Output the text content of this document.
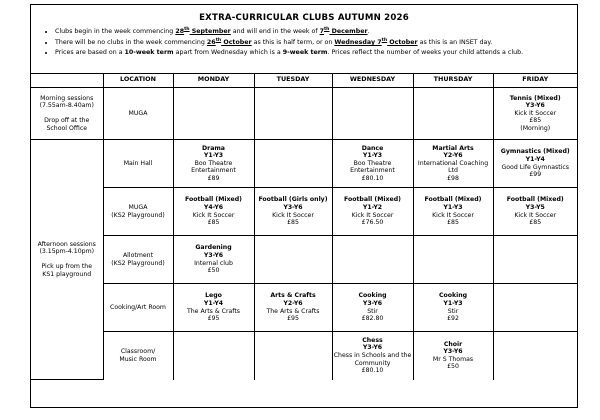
EXTRA-CURRICULAR CLUBS AUTUMN 2026
• Clubs begin in the week commencing 28th September and will end in the week of 7th December.
• There will be no clubs in the week commencing 26th October as this is half term, or on Wednesday 7th October as this is an INSET day.
• Prices are based on a 10-week term apart from Wednesday which is a 9-week term. Prices reflect the number of weeks your child attends a club.
	LOCATION	MONDAY	TUESDAY	WEDNESDAY	THURSDAY	FRIDAY

Morning sessions
(7.55am-8.40am)

Drop off at the
School Office	MUGA					Tennis (Mixed)
Y3-Y6
Kick It Soccer
£85
(Morning)

Afternoon sessions
(3.15pm-4.10pm)

Pick up from the
KS1 playground	Main Hall	Drama
Y1-Y3
Boo Theatre Entertainment
£89		Dance
Y1-Y3
Boo Theatre Entertainment
£80.10	Martial Arts
Y2-Y6
International Coaching Ltd
£98	Gymnastics (Mixed)
Y1-Y4
Good Life Gymnastics
£99

	MUGA
(KS2 Playground)	Football (Mixed)
Y4-Y6
Kick It Soccer
£85	Football (Girls only)
Y3-Y6
Kick It Soccer
£85	Football (Mixed)
Y1-Y2
Kick It Soccer
£76.50	Football (Mixed)
Y1-Y3
Kick It Soccer
£85	Football (Mixed)
Y3-Y5
Kick It Soccer
£85

	Allotment
(KS2 Playground)	Gardening
Y3-Y6
Internal club
£50				

	Cooking/Art Room	Lego
Y1-Y4
The Arts & Crafts
£95	Arts & Crafts
Y2-Y6
The Arts & Crafts
£95	Cooking
Y3-Y6
Stir
£82.80	Cooking
Y1-Y3
Stir
£92	

	Classroom/
Music Room			Chess
Y3-Y6
Chess in Schools and the Community
£80.10	Choir
Y3-Y6
Mr S Thomas
£50	
